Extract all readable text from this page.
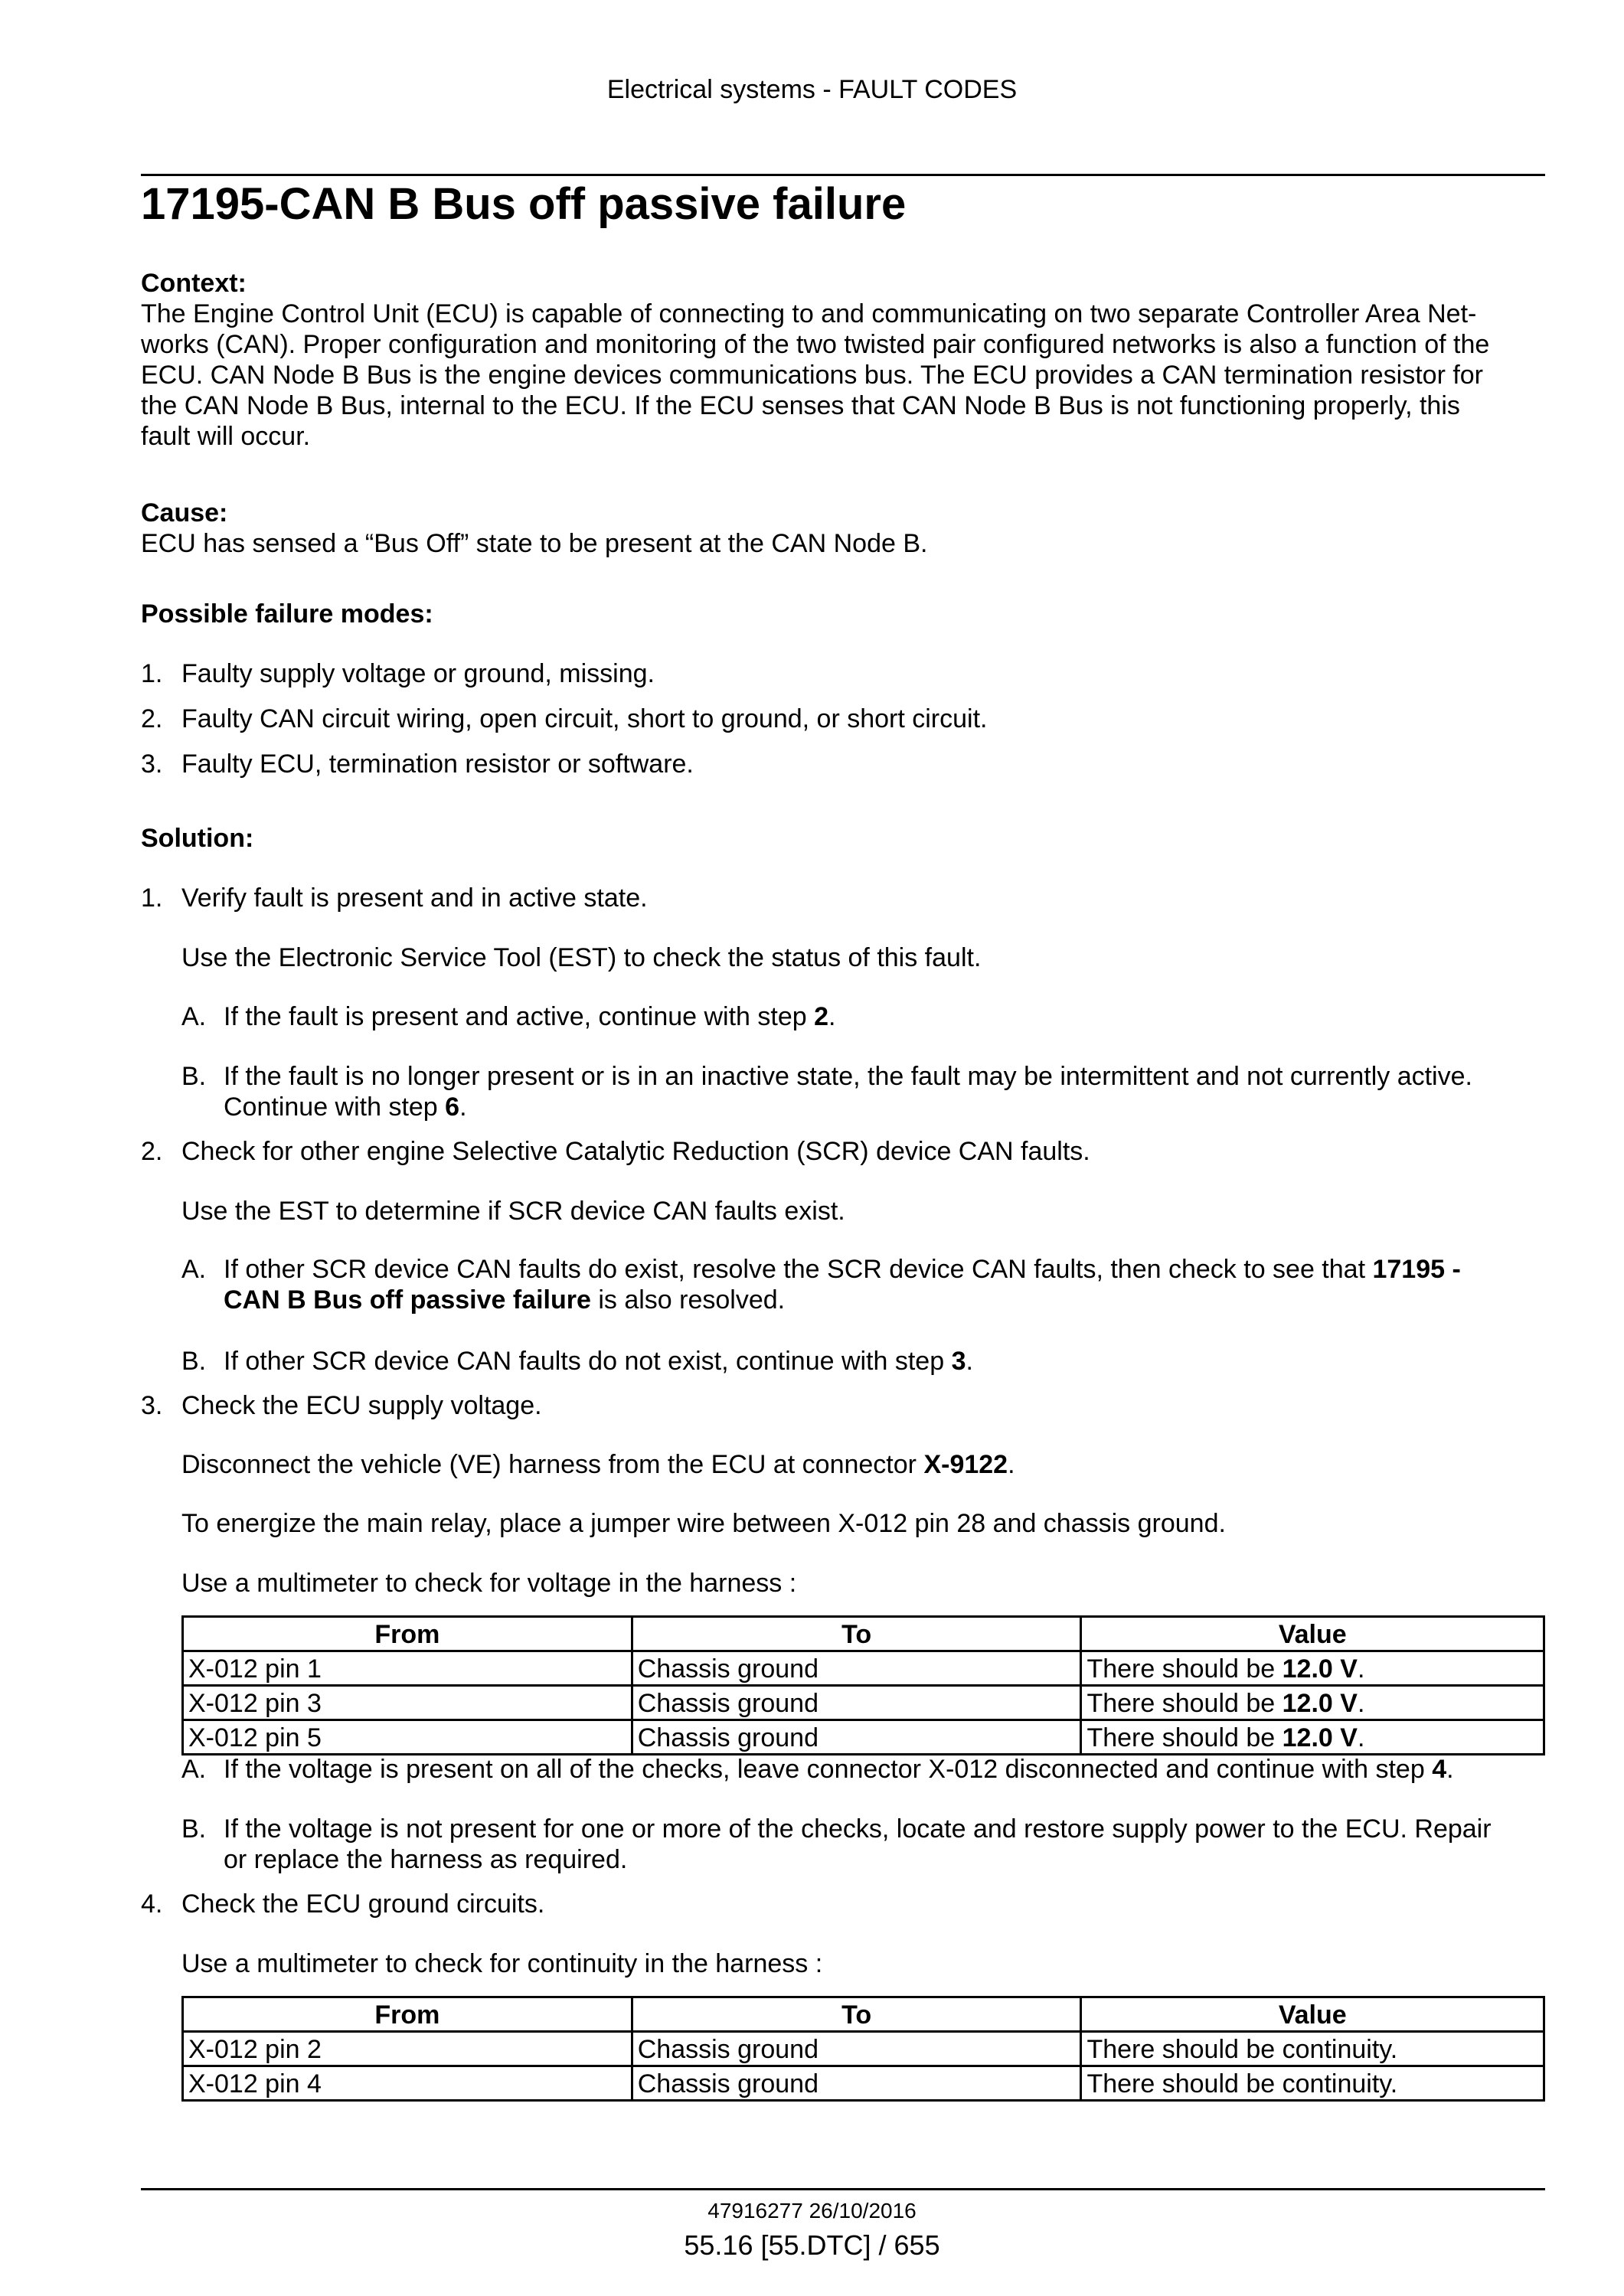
Electrical systems - FAULT CODES
17195-CAN B Bus off passive failure
Context:
The Engine Control Unit (ECU) is capable of connecting to and communicating on two separate Controller Area Net-
works (CAN). Proper configuration and monitoring of the two twisted pair configured networks is also a function of the
ECU. CAN Node B Bus is the engine devices communications bus. The ECU provides a CAN termination resistor for
the CAN Node B Bus, internal to the ECU. If the ECU senses that CAN Node B Bus is not functioning properly, this
fault will occur.
Cause:
ECU has sensed a “Bus Off” state to be present at the CAN Node B.
Possible failure modes:
1. Faulty supply voltage or ground, missing.
2. Faulty CAN circuit wiring, open circuit, short to ground, or short circuit.
3. Faulty ECU, termination resistor or software.
Solution:
1. Verify fault is present and in active state.
Use the Electronic Service Tool (EST) to check the status of this fault.
A. If the fault is present and active, continue with step 2.
B. If the fault is no longer present or is in an inactive state, the fault may be intermittent and not currently active.
Continue with step 6.
2. Check for other engine Selective Catalytic Reduction (SCR) device CAN faults.
Use the EST to determine if SCR device CAN faults exist.
A. If other SCR device CAN faults do exist, resolve the SCR device CAN faults, then check to see that 17195 -
CAN B Bus off passive failure is also resolved.
B. If other SCR device CAN faults do not exist, continue with step 3.
3. Check the ECU supply voltage.
Disconnect the vehicle (VE) harness from the ECU at connector X-9122.
To energize the main relay, place a jumper wire between X-012 pin 28 and chassis ground.
Use a multimeter to check for voltage in the harness :
From	To	Value
X-012 pin 1	Chassis ground	There should be 12.0 V.
X-012 pin 3	Chassis ground	There should be 12.0 V.
X-012 pin 5	Chassis ground	There should be 12.0 V.
A. If the voltage is present on all of the checks, leave connector X-012 disconnected and continue with step 4.
B. If the voltage is not present for one or more of the checks, locate and restore supply power to the ECU. Repair
or replace the harness as required.
4. Check the ECU ground circuits.
Use a multimeter to check for continuity in the harness :
From	To	Value
X-012 pin 2	Chassis ground	There should be continuity.
X-012 pin 4	Chassis ground	There should be continuity.
47916277 26/10/2016
55.16 [55.DTC] / 655
